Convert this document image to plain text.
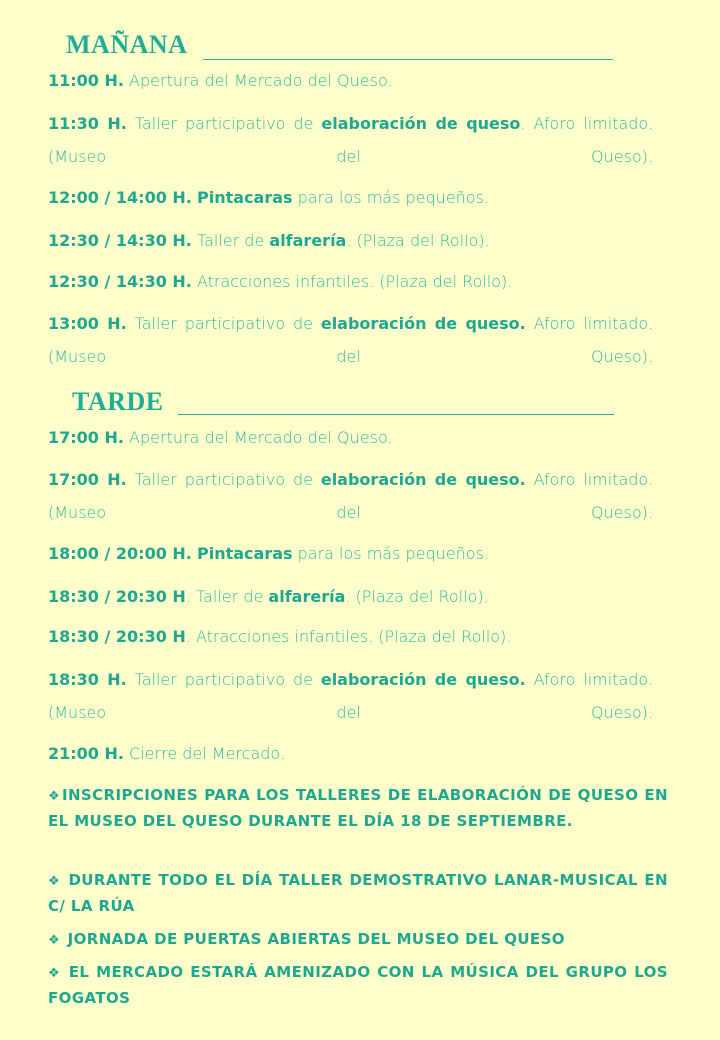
MAÑANA
11:00 H. Apertura del Mercado del Queso.
11:30 H. Taller participativo de elaboración de queso. Aforo limitado. (Museo del Queso).
12:00 / 14:00 H. Pintacaras para los más pequeños.
12:30 / 14:30 H. Taller de alfarería. (Plaza del Rollo).
12:30 / 14:30 H. Atracciones infantiles. (Plaza del Rollo).
13:00 H. Taller participativo de elaboración de queso. Aforo limitado. (Museo del Queso).
TARDE
17:00 H. Apertura del Mercado del Queso.
17:00 H. Taller participativo de elaboración de queso. Aforo limitado. (Museo del Queso).
18:00 / 20:00 H. Pintacaras para los más pequeños.
18:30 / 20:30 H. Taller de alfarería. (Plaza del Rollo).
18:30 / 20:30 H. Atracciones infantiles. (Plaza del Rollo).
18:30 H. Taller participativo de elaboración de queso. Aforo limitado. (Museo del Queso).
21:00 H. Cierre del Mercado.
❖ INSCRIPCIONES PARA LOS TALLERES DE ELABORACIÓN DE QUESO EN EL MUSEO DEL QUESO DURANTE EL DÍA 18 DE SEPTIEMBRE.
❖ DURANTE TODO EL DÍA TALLER DEMOSTRATIVO LANAR-MUSICAL EN C/ LA RÚA
❖ JORNADA DE PUERTAS ABIERTAS DEL MUSEO DEL QUESO
❖ EL MERCADO ESTARÁ AMENIZADO CON LA MÚSICA DEL GRUPO LOS FOGATOS
